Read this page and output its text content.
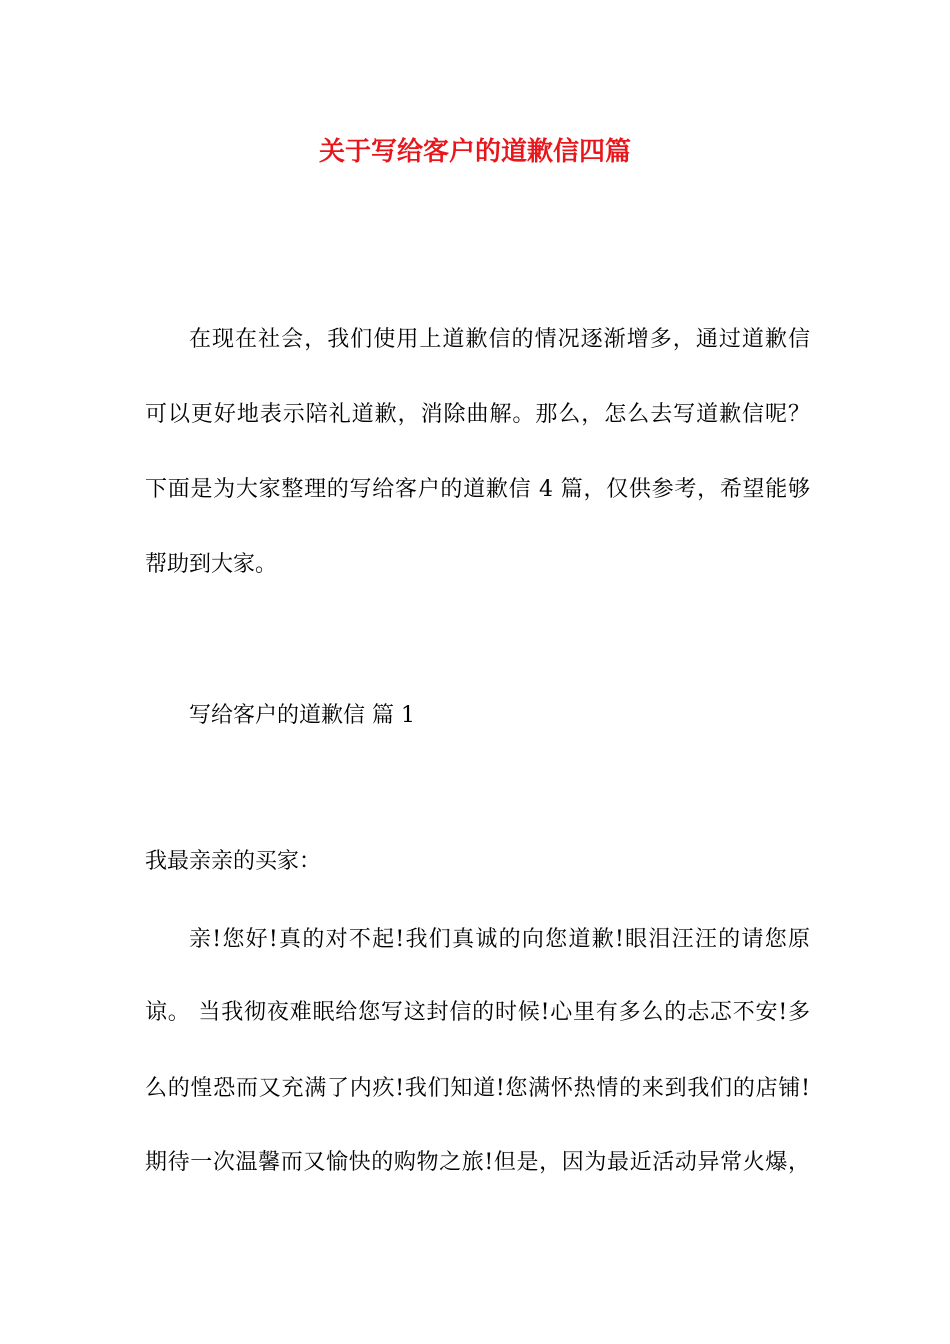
关于写给客户的道歉信四篇
在现在社会，我们使用上道歉信的情况逐渐增多，通过道歉信
可以更好地表示陪礼道歉，消除曲解。那么，怎么去写道歉信呢？
下面是为大家整理的写给客户的道歉信 4 篇，仅供参考，希望能够
帮助到大家。
写给客户的道歉信 篇 1
我最亲亲的买家：
亲!您好!真的对不起!我们真诚的向您道歉!眼泪汪汪的请您原
谅。 当我彻夜难眠给您写这封信的时候!心里有多么的忐忑不安!多
么的惶恐而又充满了内疚!我们知道!您满怀热情的来到我们的店铺!
期待一次温馨而又愉快的购物之旅!但是，因为最近活动异常火爆，
